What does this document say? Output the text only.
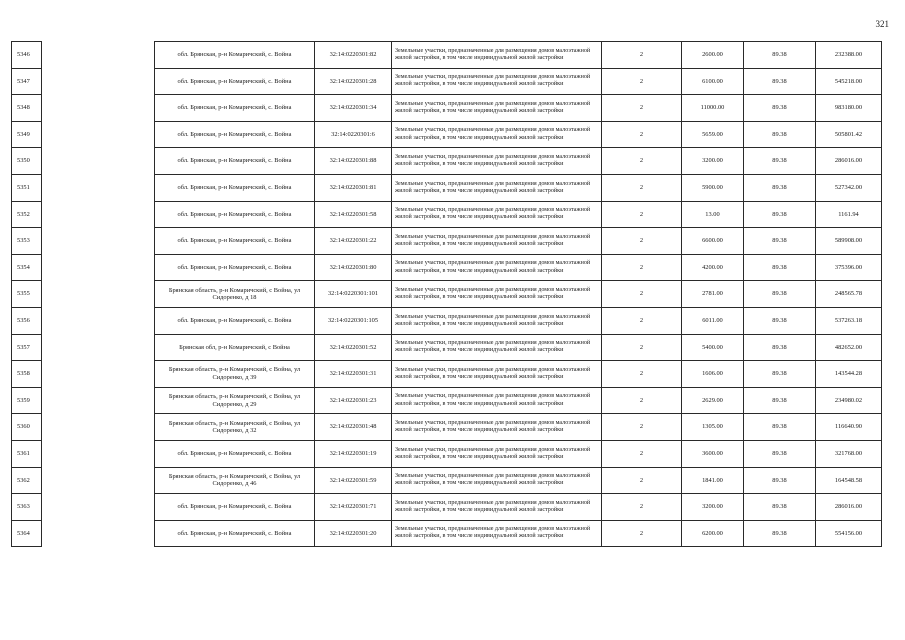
321
5346		обл. Брянская, р-н Комаричский, с. Война	32:14:0220301:82	Земельные участки, предназначенные для размещения домов малоэтажной жилой застройки, в том числе индивидуальной жилой застройки	2	2600.00	89.38	232388.00
5347		обл. Брянская, р-н Комаричский, с. Война	32:14:0220301:28	Земельные участки, предназначенные для размещения домов малоэтажной жилой застройки, в том числе индивидуальной жилой застройки	2	6100.00	89.38	545218.00
5348		обл. Брянская, р-н Комаричский, с. Война	32:14:0220301:34	Земельные участки, предназначенные для размещения домов малоэтажной жилой застройки, в том числе индивидуальной жилой застройки	2	11000.00	89.38	983180.00
5349		обл. Брянская, р-н Комаричский, с. Война	32:14:0220301:6	Земельные участки, предназначенные для размещения домов малоэтажной жилой застройки, в том числе индивидуальной жилой застройки	2	5659.00	89.38	505801.42
5350		обл. Брянская, р-н Комаричский, с. Война	32:14:0220301:88	Земельные участки, предназначенные для размещения домов малоэтажной жилой застройки, в том числе индивидуальной жилой застройки	2	3200.00	89.38	286016.00
5351		обл. Брянская, р-н Комаричский, с. Война	32:14:0220301:81	Земельные участки, предназначенные для размещения домов малоэтажной жилой застройки, в том числе индивидуальной жилой застройки	2	5900.00	89.38	527342.00
5352		обл. Брянская, р-н Комаричский, с. Война	32:14:0220301:58	Земельные участки, предназначенные для размещения домов малоэтажной жилой застройки, в том числе индивидуальной жилой застройки	2	13.00	89.38	1161.94
5353		обл. Брянская, р-н Комаричский, с. Война	32:14:0220301:22	Земельные участки, предназначенные для размещения домов малоэтажной жилой застройки, в том числе индивидуальной жилой застройки	2	6600.00	89.38	589908.00
5354		обл. Брянская, р-н Комаричский, с. Война	32:14:0220301:80	Земельные участки, предназначенные для размещения домов малоэтажной жилой застройки, в том числе индивидуальной жилой застройки	2	4200.00	89.38	375396.00
5355		Брянская область, р-н Комаричский, с Война, ул Сидоренко, д 18	32:14:0220301:101	Земельные участки, предназначенные для размещения домов малоэтажной жилой застройки, в том числе индивидуальной жилой застройки	2	2781.00	89.38	248565.78
5356		обл. Брянская, р-н Комаричский, с. Война	32:14:0220301:105	Земельные участки, предназначенные для размещения домов малоэтажной жилой застройки, в том числе индивидуальной жилой застройки	2	6011.00	89.38	537263.18
5357		Брянская обл, р-н Комаричский, с Война	32:14:0220301:52	Земельные участки, предназначенные для размещения домов малоэтажной жилой застройки, в том числе индивидуальной жилой застройки	2	5400.00	89.38	482652.00
5358		Брянская область, р-н Комаричский, с Война, ул Сидоренко, д 39	32:14:0220301:31	Земельные участки, предназначенные для размещения домов малоэтажной жилой застройки, в том числе индивидуальной жилой застройки	2	1606.00	89.38	143544.28
5359		Брянская область, р-н Комаричский, с Война, ул Сидоренко, д 29	32:14:0220301:23	Земельные участки, предназначенные для размещения домов малоэтажной жилой застройки, в том числе индивидуальной жилой застройки	2	2629.00	89.38	234980.02
5360		Брянская область, р-н Комаричский, с Война, ул Сидоренко, д 32	32:14:0220301:48	Земельные участки, предназначенные для размещения домов малоэтажной жилой застройки, в том числе индивидуальной жилой застройки	2	1305.00	89.38	116640.90
5361		обл. Брянская, р-н Комаричский, с. Война	32:14:0220301:19	Земельные участки, предназначенные для размещения домов малоэтажной жилой застройки, в том числе индивидуальной жилой застройки	2	3600.00	89.38	321768.00
5362		Брянская область, р-н Комаричский, с Война, ул Сидоренко, д 46	32:14:0220301:59	Земельные участки, предназначенные для размещения домов малоэтажной жилой застройки, в том числе индивидуальной жилой застройки	2	1841.00	89.38	164548.58
5363		обл. Брянская, р-н Комаричский, с. Война	32:14:0220301:71	Земельные участки, предназначенные для размещения домов малоэтажной жилой застройки, в том числе индивидуальной жилой застройки	2	3200.00	89.38	286016.00
5364		обл. Брянская, р-н Комаричский, с. Война	32:14:0220301:20	Земельные участки, предназначенные для размещения домов малоэтажной жилой застройки, в том числе индивидуальной жилой застройки	2	6200.00	89.38	554156.00
